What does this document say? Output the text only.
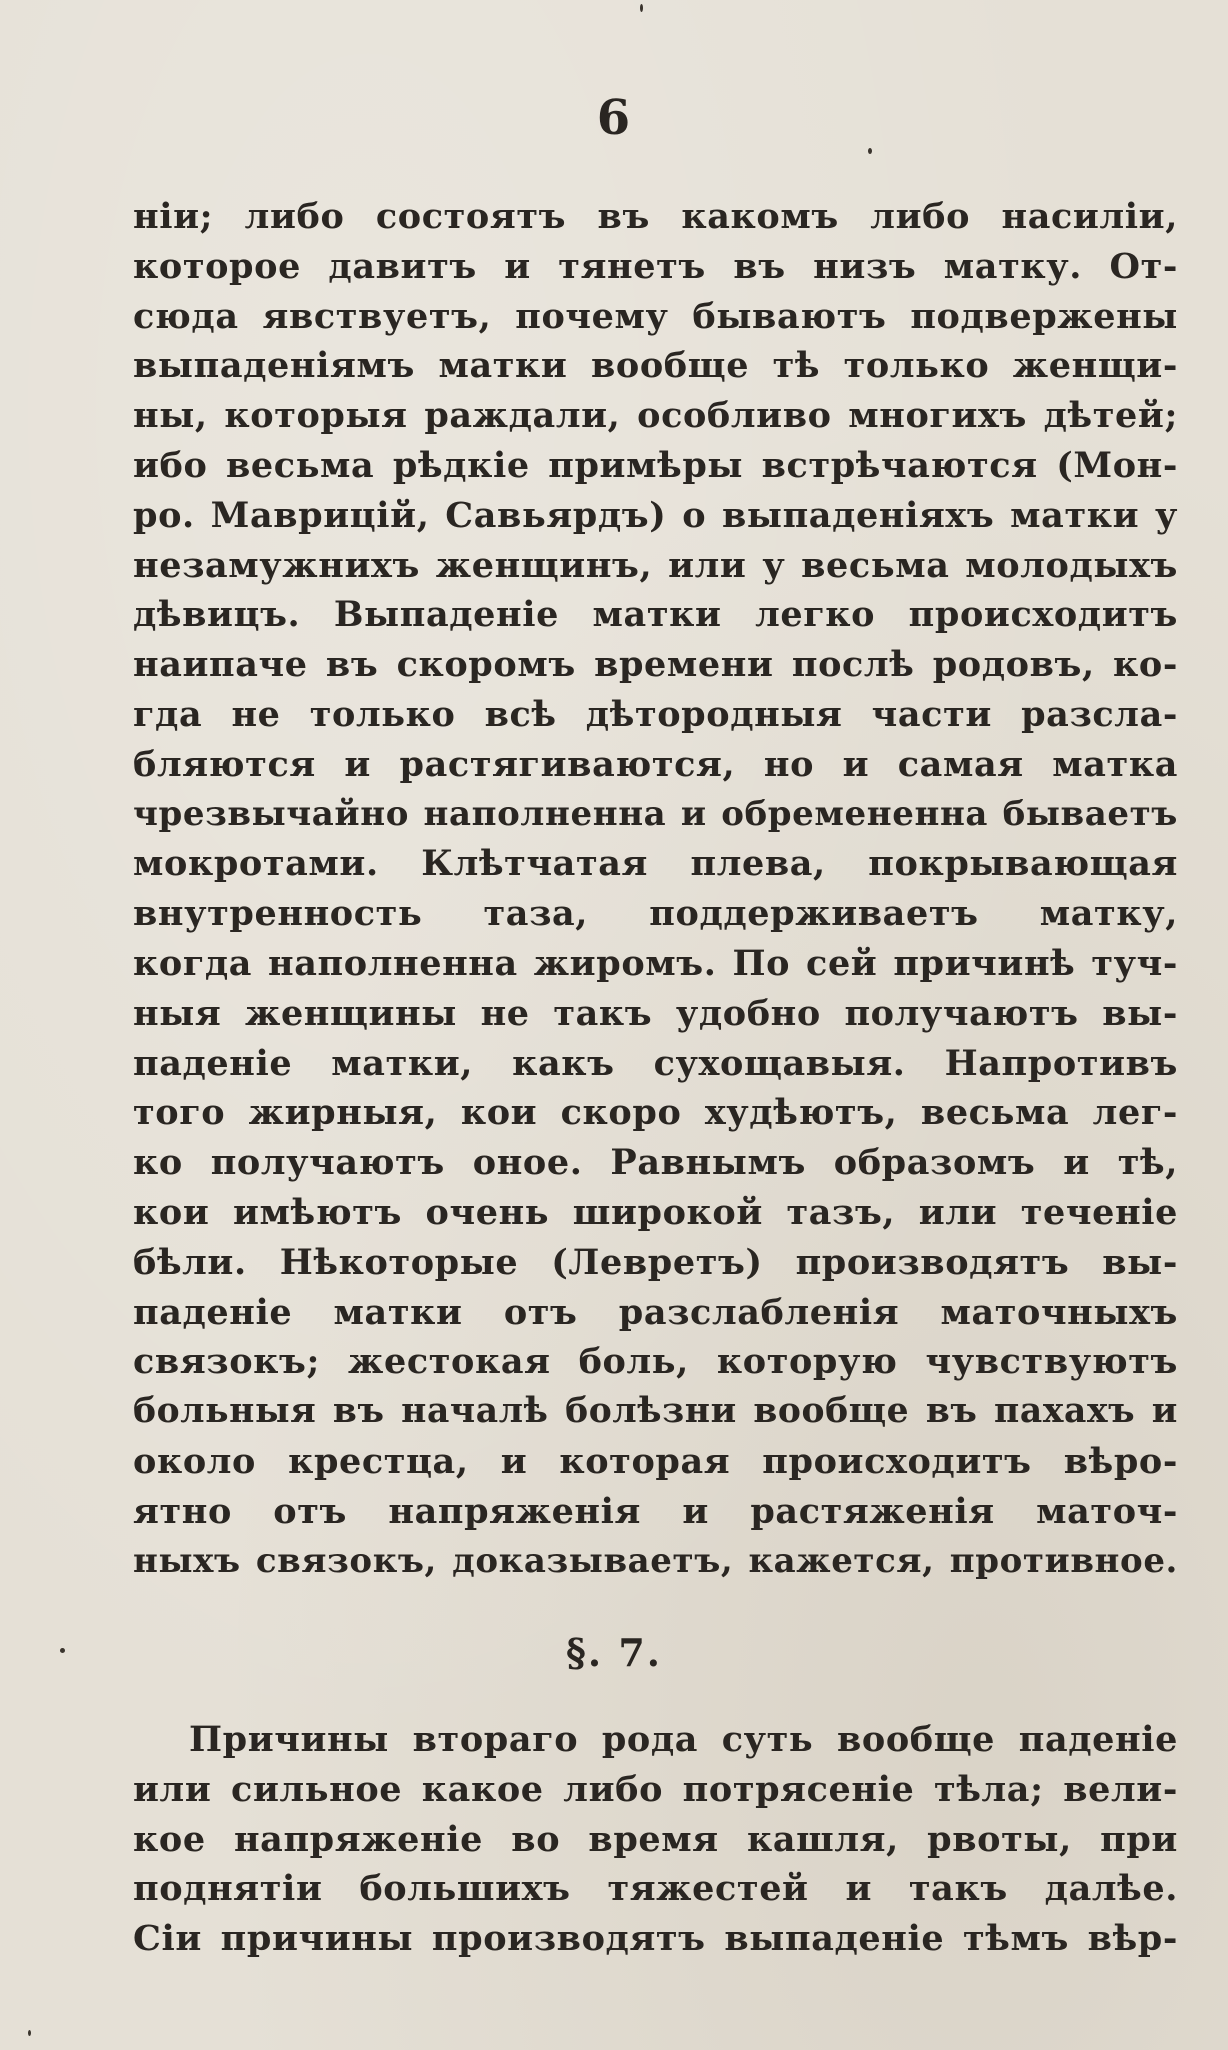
6
нiи; либо состоятъ въ какомъ либо насилiи,
которое давитъ и тянетъ въ низъ матку. От-
сюда явствуетъ, почему бываютъ подвержены
выпаденiямъ матки вообще тѣ только женщи-
ны, которыя раждали, особливо многихъ дѣтей;
ибо весьма рѣдкiе примѣры встрѣчаются (Мон-
ро. Маврицiй, Савьярдъ) о выпаденiяхъ матки у
незамужнихъ женщинъ, или у весьма молодыхъ
дѣвицъ. Выпаденiе матки легко происходитъ
наипаче въ скоромъ времени послѣ родовъ, ко-
гда не только всѣ дѣтородныя части разсла-
бляются и растягиваются, но и самая матка
чрезвычайно наполненна и обремененна бываетъ
мокротами. Клѣтчатая плева, покрывающая
внутренность таза, поддерживаетъ матку,
когда наполненна жиромъ. По сей причинѣ туч-
ныя женщины не такъ удобно получаютъ вы-
паденiе матки, какъ сухощавыя. Напротивъ
того жирныя, кои скоро худѣютъ, весьма лег-
ко получаютъ оное. Равнымъ образомъ и тѣ,
кои имѣютъ очень широкой тазъ, или теченiе
бѣли. Нѣкоторые (Левретъ) производятъ вы-
паденiе матки отъ разслабленiя маточныхъ
связокъ; жестокая боль, которую чувствуютъ
больныя въ началѣ болѣзни вообще въ пахахъ и
около крестца, и которая происходитъ вѣро-
ятно отъ напряженiя и растяженiя маточ-
ныхъ связокъ, доказываетъ, кажется, противное.
§. 7.
Причины втораго рода суть вообще паденiе
или сильное какое либо потрясенiе тѣла; вели-
кое напряженiе во время кашля, рвоты, при
поднятiи большихъ тяжестей и такъ далѣе.
Сiи причины производятъ выпаденiе тѣмъ вѣр-
